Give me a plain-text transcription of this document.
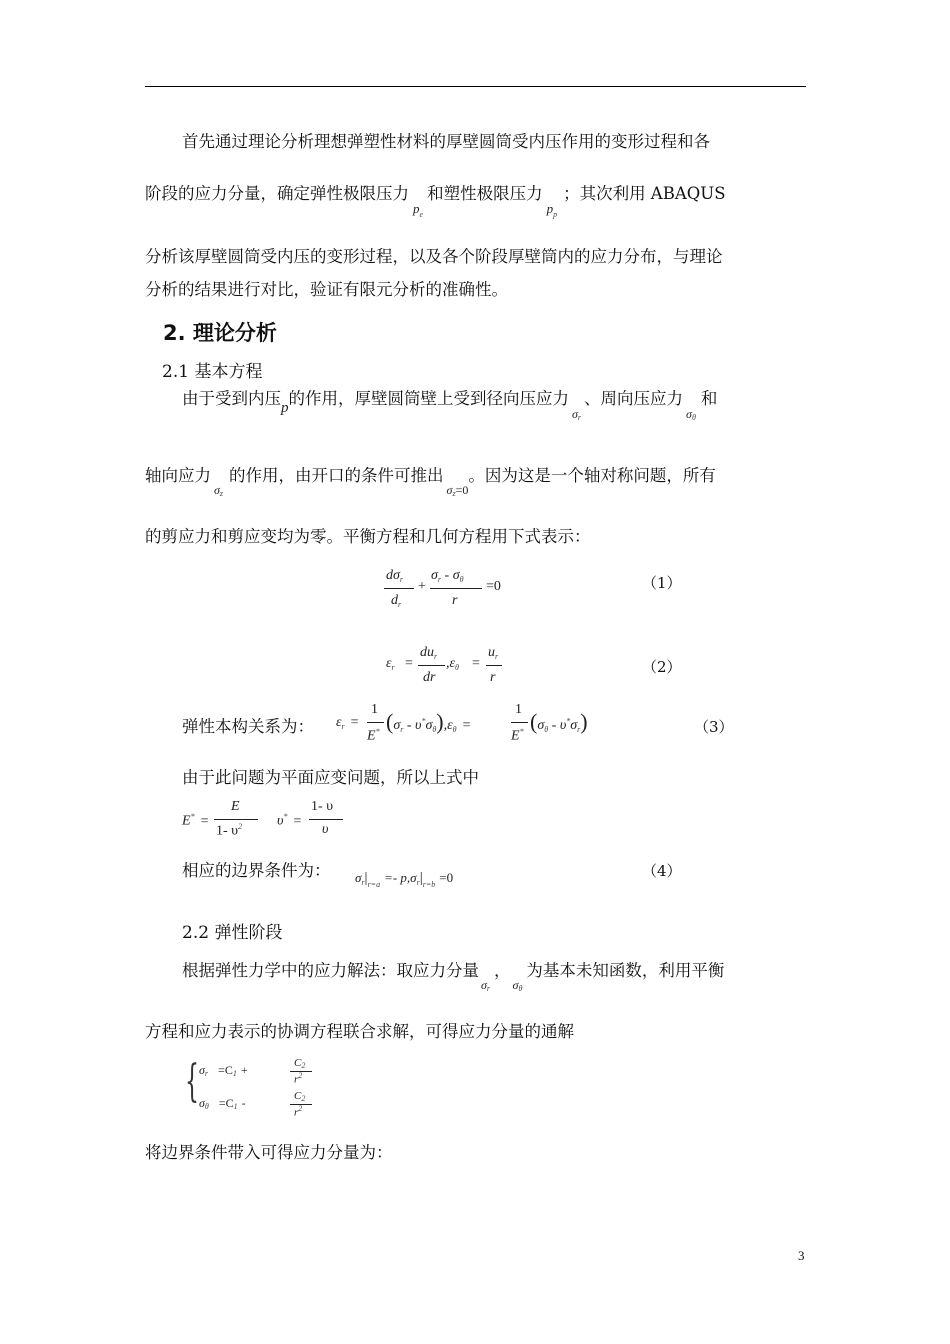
首先通过理论分析理想弹塑性材料的厚壁圆筒受内压作用的变形过程和各
阶段的应力分量，确定弹性极限压力$_{pe}$和塑性极限压力$_{pp}$；其次利用 ABAQUS
分析该厚壁圆筒受内压的变形过程，以及各个阶段厚壁筒内的应力分布，与理论
分析的结果进行对比，验证有限元分析的准确性。
2. 理论分析
2.1 基本方程
由于受到内压p的作用，厚壁圆筒壁上受到径向压应力$_{\sigma r}$、周向压应力$_{\sigma\theta}$和
轴向应力$_{\sigma z}$的作用，由开口的条件可推出$_{\sigma z=0}$。因为这是一个轴对称问题，所有
的剪应力和剪应变均为零。平衡方程和几何方程用下式表示：
$d\sigma_r$
$d_r$
+
$\sigma_r - \sigma_\theta$
r
=0	（1）
$\varepsilon_r$ =
$du_r$
dr
$,\varepsilon_\theta$ =
$u_r$
r
（2）
弹性本构关系为： $\varepsilon_r$ =
1
E* $(\sigma_r - \upsilon^*\sigma_\theta),\varepsilon_\theta$ =
1
E* $(\sigma_\theta - \upsilon^*\sigma_r)$	（3）
由于此问题为平面应变问题，所以上式中
E* =
E
1- $\upsilon^2$ υ* =
1- υ
υ
相应的边界条件为： $\sigma_r|_{r=a} =- p,\sigma_r|_{r=b} =0$	（4）
2.2 弹性阶段
根据弹性力学中的应力解法：取应力分量$_{\sigma r}$，$_{\sigma\theta}$为基本未知函数，利用平衡
方程和应力表示的协调方程联合求解，可得应力分量的通解
{ σr =C1 +	C2
$r^2$
σθ =C1 -	C2
$r^2$
将边界条件带入可得应力分量为：
3
